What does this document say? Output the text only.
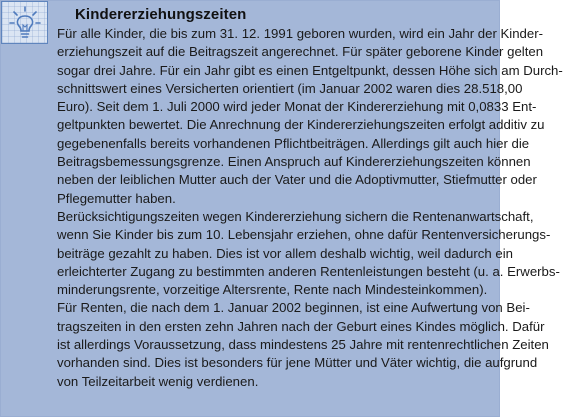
Kindererziehungszeiten
Für alle Kinder, die bis zum 31. 12. 1991 geboren wurden, wird ein Jahr der Kinder-
erziehungszeit auf die Beitragszeit angerechnet. Für später geborene Kinder gelten
sogar drei Jahre. Für ein Jahr gibt es einen Entgeltpunkt, dessen Höhe sich am Durch-
schnittswert eines Versicherten orientiert (im Januar 2002 waren dies 28.518,00
Euro). Seit dem 1. Juli 2000 wird jeder Monat der Kindererziehung mit 0,0833 Ent-
geltpunkten bewertet. Die Anrechnung der Kindererziehungszeiten erfolgt additiv zu
gegebenenfalls bereits vorhandenen Pflichtbeiträgen. Allerdings gilt auch hier die
Beitragsbemessungsgrenze. Einen Anspruch auf Kindererziehungszeiten können
neben der leiblichen Mutter auch der Vater und die Adoptivmutter, Stiefmutter oder
Pflegemutter haben.
Berücksichtigungszeiten wegen Kindererziehung sichern die Rentenanwartschaft,
wenn Sie Kinder bis zum 10. Lebensjahr erziehen, ohne dafür Rentenversicherungs-
beiträge gezahlt zu haben. Dies ist vor allem deshalb wichtig, weil dadurch ein
erleichterter Zugang zu bestimmten anderen Rentenleistungen besteht (u. a. Erwerbs-
minderungsrente, vorzeitige Altersrente, Rente nach Mindesteinkommen).
Für Renten, die nach dem 1. Januar 2002 beginnen, ist eine Aufwertung von Bei-
tragszeiten in den ersten zehn Jahren nach der Geburt eines Kindes möglich. Dafür
ist allerdings Voraussetzung, dass mindestens 25 Jahre mit rentenrechtlichen Zeiten
vorhanden sind. Dies ist besonders für jene Mütter und Väter wichtig, die aufgrund
von Teilzeitarbeit wenig verdienen.
